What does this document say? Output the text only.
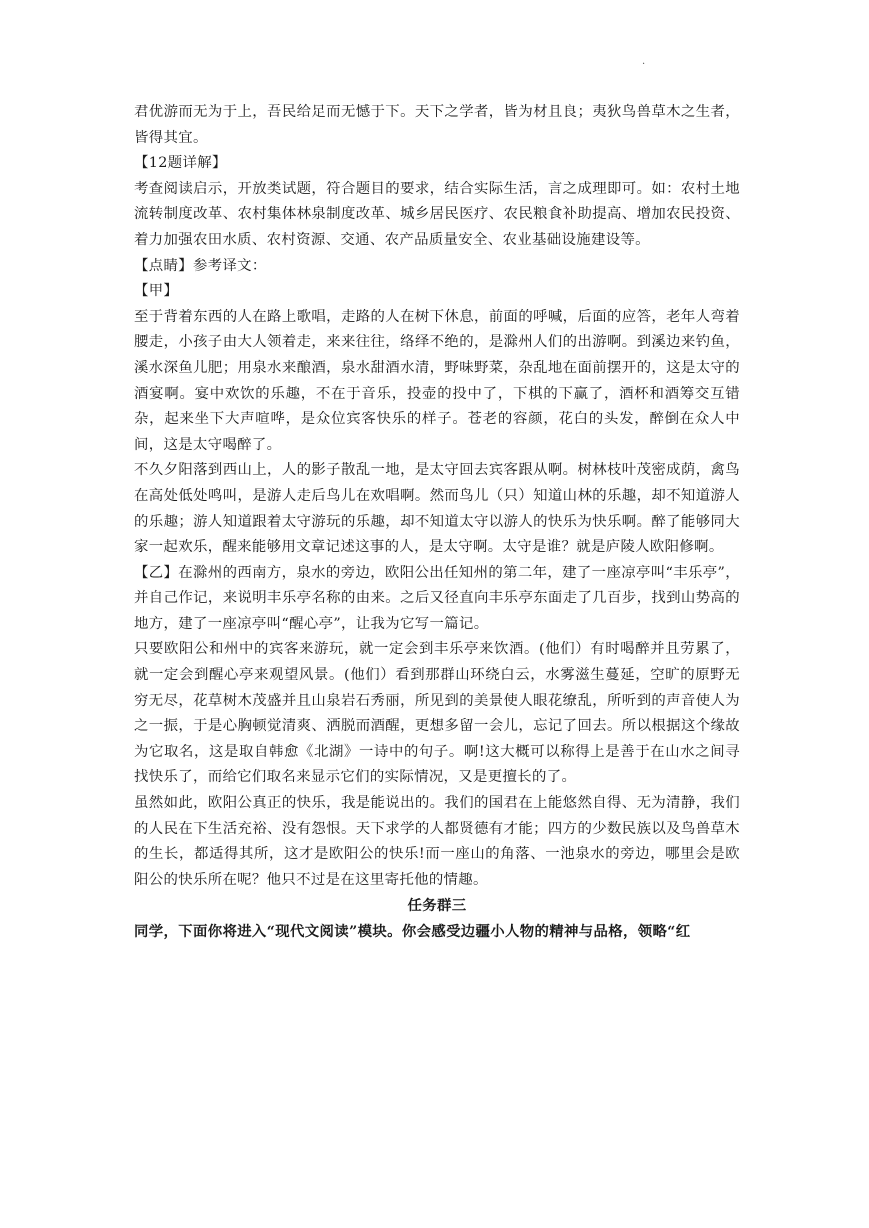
.

君优游而无为于上，吾民给足而无憾于下。天下之学者，皆为材且良；夷狄鸟兽草木之生者，皆得其宜。

【12题详解】

考查阅读启示，开放类试题，符合题目的要求，结合实际生活，言之成理即可。如：农村土地流转制度改革、农村集体林泉制度改革、城乡居民医疗、农民粮食补助提高、增加农民投资、着力加强农田水质、农村资源、交通、农产品质量安全、农业基础设施建设等。

【点睛】参考译文：

【甲】

至于背着东西的人在路上歌唱，走路的人在树下休息，前面的呼喊，后面的应答，老年人弯着腰走，小孩子由大人领着走，来来往往，络绎不绝的，是滁州人们的出游啊。到溪边来钓鱼，溪水深鱼儿肥；用泉水来酿酒，泉水甜酒水清，野味野菜，杂乱地在面前摆开的，这是太守的酒宴啊。宴中欢饮的乐趣，不在于音乐，投壶的投中了，下棋的下赢了，酒杯和酒筹交互错杂，起来坐下大声喧哗，是众位宾客快乐的样子。苍老的容颜，花白的头发，醉倒在众人中间，这是太守喝醉了。

不久夕阳落到西山上，人的影子散乱一地，是太守回去宾客跟从啊。树林枝叶茂密成荫，禽鸟在高处低处鸣叫，是游人走后鸟儿在欢唱啊。然而鸟儿（只）知道山林的乐趣，却不知道游人的乐趣；游人知道跟着太守游玩的乐趣，却不知道太守以游人的快乐为快乐啊。醉了能够同大家一起欢乐，醒来能够用文章记述这事的人，是太守啊。太守是谁？就是庐陵人欧阳修啊。

【乙】在滁州的西南方，泉水的旁边，欧阳公出任知州的第二年，建了一座凉亭叫“丰乐亭”，并自己作记，来说明丰乐亭名称的由来。之后又径直向丰乐亭东面走了几百步，找到山势高的地方，建了一座凉亭叫“醒心亭”，让我为它写一篇记。

只要欧阳公和州中的宾客来游玩，就一定会到丰乐亭来饮酒。(他们）有时喝醉并且劳累了，就一定会到醒心亭来观望风景。(他们）看到那群山环绕白云，水雾滋生蔓延，空旷的原野无穷无尽，花草树木茂盛并且山泉岩石秀丽，所见到的美景使人眼花缭乱，所听到的声音使人为之一振，于是心胸顿觉清爽、洒脱而酒醒，更想多留一会儿，忘记了回去。所以根据这个缘故为它取名，这是取自韩愈《北湖》一诗中的句子。啊!这大概可以称得上是善于在山水之间寻找快乐了，而给它们取名来显示它们的实际情况，又是更擅长的了。

虽然如此，欧阳公真正的快乐，我是能说出的。我们的国君在上能悠然自得、无为清静，我们的人民在下生活充裕、没有怨恨。天下求学的人都贤德有才能；四方的少数民族以及鸟兽草木的生长，都适得其所，这才是欧阳公的快乐!而一座山的角落、一池泉水的旁边，哪里会是欧阳公的快乐所在呢？他只不过是在这里寄托他的情趣。

任务群三

同学，下面你将进入“现代文阅读”模块。你会感受边疆小人物的精神与品格，领略“红
